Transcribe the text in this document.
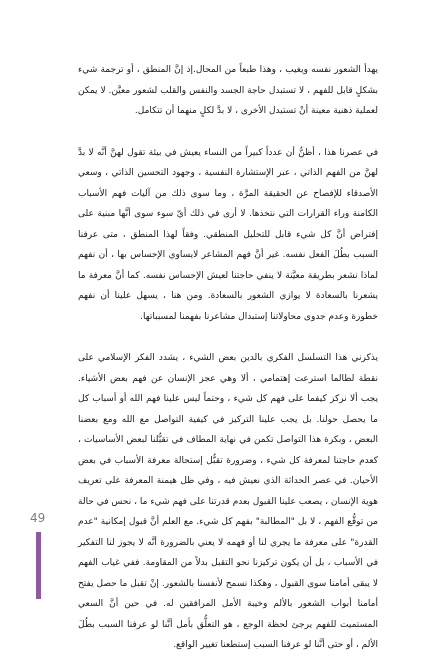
يهدأ الشعور نفسه ويغيب ، وهذا طبعاً من المحال.إذ إنَّ المنطق ، أو ترجمة شيء بشكلٍ قابل للفهم ، لا تستبدل حاجة الجسد والنفس والقلب لشعور معيَّن. لا يمكن لعملية ذهنية معينة أنْ تستبدل الأخرى ، لا بدَّ لكلٍ منهما أن تتكامل.

في عصرنا هذا ، أظنُّ أن عدداً كبيراً من النساء يعيش في بيئة تقول لهنَّ أنَّه لا بدَّ لهنَّ من الفهم الذاتي ، عبر الإستشارة النفسية ، وجهود التحسين الذاتي ، وسعي الأصدقاء للإفصاح عن الحقيقة المرَّة ، وما سوى ذلك من آليات فهم الأسباب الكامنة وراء القرارات التي نتخذها. لا أرى في ذلك أيّ سوء سوى أنَّها مبنية على إفتراض أنَّ كل شيء قابل للتحليل المنطقي. وفقاً لهذا المنطق ، متى عرفنا السبب بطُلَ الفعل نفسه. غير أنَّ فهم المشاعر لايساوي الإحساس بها ، أن نفهم لماذا نشعر بطريقة معيَّنة لا ينفي حاجتنا لعيش الإحساس نفسه. كما أنَّ معرفة ما يشعرنا بالسعادة لا يوازي الشعور بالسعادة. ومن هنا ، يسهل علينا أن نفهم خطورة وعدم جدوى محاولاتنا إستبدال مشاعرنا بفهمنا لمسبباتها.

يذكرني هذا التسلسل الفكري بالدين بعض الشيء ، يشدد الفكر الإسلامي على نقطة لطالما استرعت إهتمامي ، ألا وهي عجز الإنسان عن فهم بعض الأشياء. يجب ألا نركز كيفما على فهم كل شيء ، وحتماً ليس علينا فهم الله أو أسباب كل ما يحصل حولنا. بل يجب علينا التركيز في كيفية التواصل مع الله ومع بعضنا البعض ، وبكرة هذا التواصل تكمن في نهاية المطاف في تقبُّلنا لبعض الأساسيات ، كعدم حاجتنا لمعرفة كل شيء ، وضرورة تقبُّل إستحالة معرفة الأسباب في بعض الأحيان. في عصر الحداثة الذي نعيش فيه ، وفي ظل هيمنة المعرفة على تعريف هوية الإنسان ، يصعب علينا القبول بعدم قدرتنا على فهم شيء ما ، نحس في حالة من توقُّع الفهم ، لا بل "المطالبة" بفهم كل شيء. مع العلم أنَّ قبول إمكانية "عدم القدرة" على معرفة ما يجري لنا أو فهمه لا يعني بالضرورة أنَّه لا يجوز لنا التفكير في الأسباب ، بل أن يكون تركيزنا نحو التقبل بدلاً من المقاومة. ففي غياب الفهم لا يبقى أمامنا سوى القبول ، وهكذا نسمح لأنفسنا بالشعور. إنْ تقبل ما حصل يفتح أمامنا أبواب الشعور بالألم وخيبة الأمل المرافقين له. في حين أنَّ السعي المستميت للفهم يرجئ لحظة الوجع ، هو التعلُّق بأمل أنَّنا لو عرفنا السبب بطُلَ الألم ، أو حتى أنَّنا لو عرفنا السبب إستطعنا تغيير الواقع.

49
